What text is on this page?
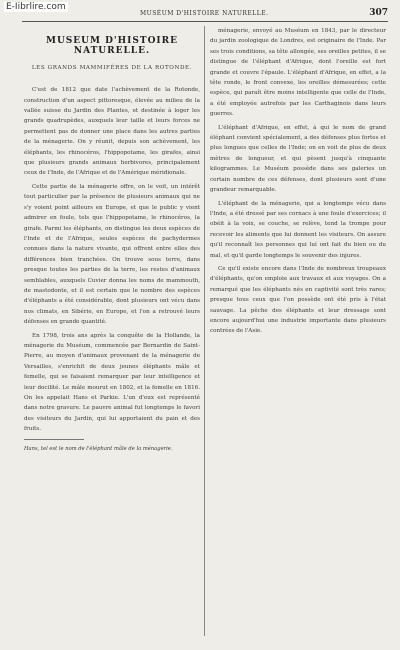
E-Iibrlire.com
MUSÉUM D'HISTOIRE NATURELLE.	307
MUSEUM D'HISTOIRE NATURELLE.
LES GRANDS MAMMIFÈRES DE LA ROTONDE.

C'est de 1812 que date l'achèvement de la Rotonde, construction d'un aspect pittoresque, élevée au milieu de la vallée suisse du Jardin des Plantes, et destinée à loger les grands quadrupèdes, auxquels leur taille et leurs forces ne permettent pas de donner une place dans les autres parties de la ménagerie. On y réunit, depuis son achèvement, les éléphants, les rhinocéros, l'hippopotame, les girafes, ainsi que plusieurs grands animaux herbivores, principalement ceux de l'Inde, de l'Afrique et de l'Amérique méridionale.

Cette partie de la ménagerie offre, on le voit, un intérêt tout particulier par la présence de plusieurs animaux qui ne s'y voient point ailleurs en Europe, et que le public y vient admirer en foule, tels que l'hippopotame, le rhinocéros, la girafe. Parmi les éléphants, on distingue les deux espèces de l'Inde et de l'Afrique, seules espèces de pachydermes connues dans la nature vivante, qui offrent entre elles des différences bien tranchées. On trouve sous terre, dans presque toutes les parties de la terre, les restes d'animaux semblables, auxquels Cuvier donna les noms de mammouth, de mastodonte, et il est certain que le nombre des espèces d'éléphants a été considérable, dont plusieurs ont vécu dans nos climats, en Sibérie, en Europe, et l'on a retrouvé leurs défenses en grande quantité.

En 1798, trois ans après la conquête de la Hollande, la ménagerie du Muséum, commencée par Bernardin de Saint-Pierre, au moyen d'animaux provenant de la ménagerie de Versailles, s'enrichit de deux jeunes éléphants mâle et femelle, qui se faisaient remarquer par leur intelligence et leur docilité. Le mâle mourut en 1802, et la femelle en 1816. On les appelait Hans et Parkie. L'un d'eux est représenté dans notre gravure. Le pauvre animal fut longtemps le favori des visiteurs du Jardin, qui lui apportaient du pain et des fruits.

Hans, tel est le nom de l'éléphant mâle de la ménagerie.

ménagerie, envoyé au Muséum en 1843, par le directeur du jardin zoologique de Londres, est originaire de l'Inde. Par ses trois conditions, sa tête allongée, ses oreilles petites, il se distingue de l'éléphant d'Afrique, dont l'oreille est fort grande et couvre l'épaule. L'éléphant d'Afrique, en effet, a la tête ronde, le front convexe, les oreilles démesurées; cette espèce, qui paraît être moins intelligente que celle de l'Inde, a été employée autrefois par les Carthaginois dans leurs guerres.

L'éléphant d'Afrique, en effet, à qui le nom de grand éléphant convient spécialement, a des défenses plus fortes et plus longues que celles de l'Inde; on en voit de plus de deux mètres de longueur, et qui pèsent jusqu'à cinquante kilogrammes. Le Muséum possède dans ses galeries un certain nombre de ces défenses, dont plusieurs sont d'une grandeur remarquable.

L'éléphant de la ménagerie, qui a longtemps vécu dans l'Inde, a été dressé par ses cornacs à une foule d'exercices; il obéit à la voix, se couche, se relève, tend la trompe pour recevoir les aliments que lui donnent les visiteurs. On assure qu'il reconnaît les personnes qui lui ont fait du bien ou du mal, et qu'il garde longtemps le souvenir des injures.

Ce qu'il existe encore dans l'Inde de nombreux troupeaux d'éléphants, qu'on emploie aux travaux et aux voyages. On a remarqué que les éléphants nés en captivité sont très rares; presque tous ceux que l'on possède ont été pris à l'état sauvage. La pêche des éléphants et leur dressage sont encore aujourd'hui une industrie importante dans plusieurs contrées de l'Asie.
